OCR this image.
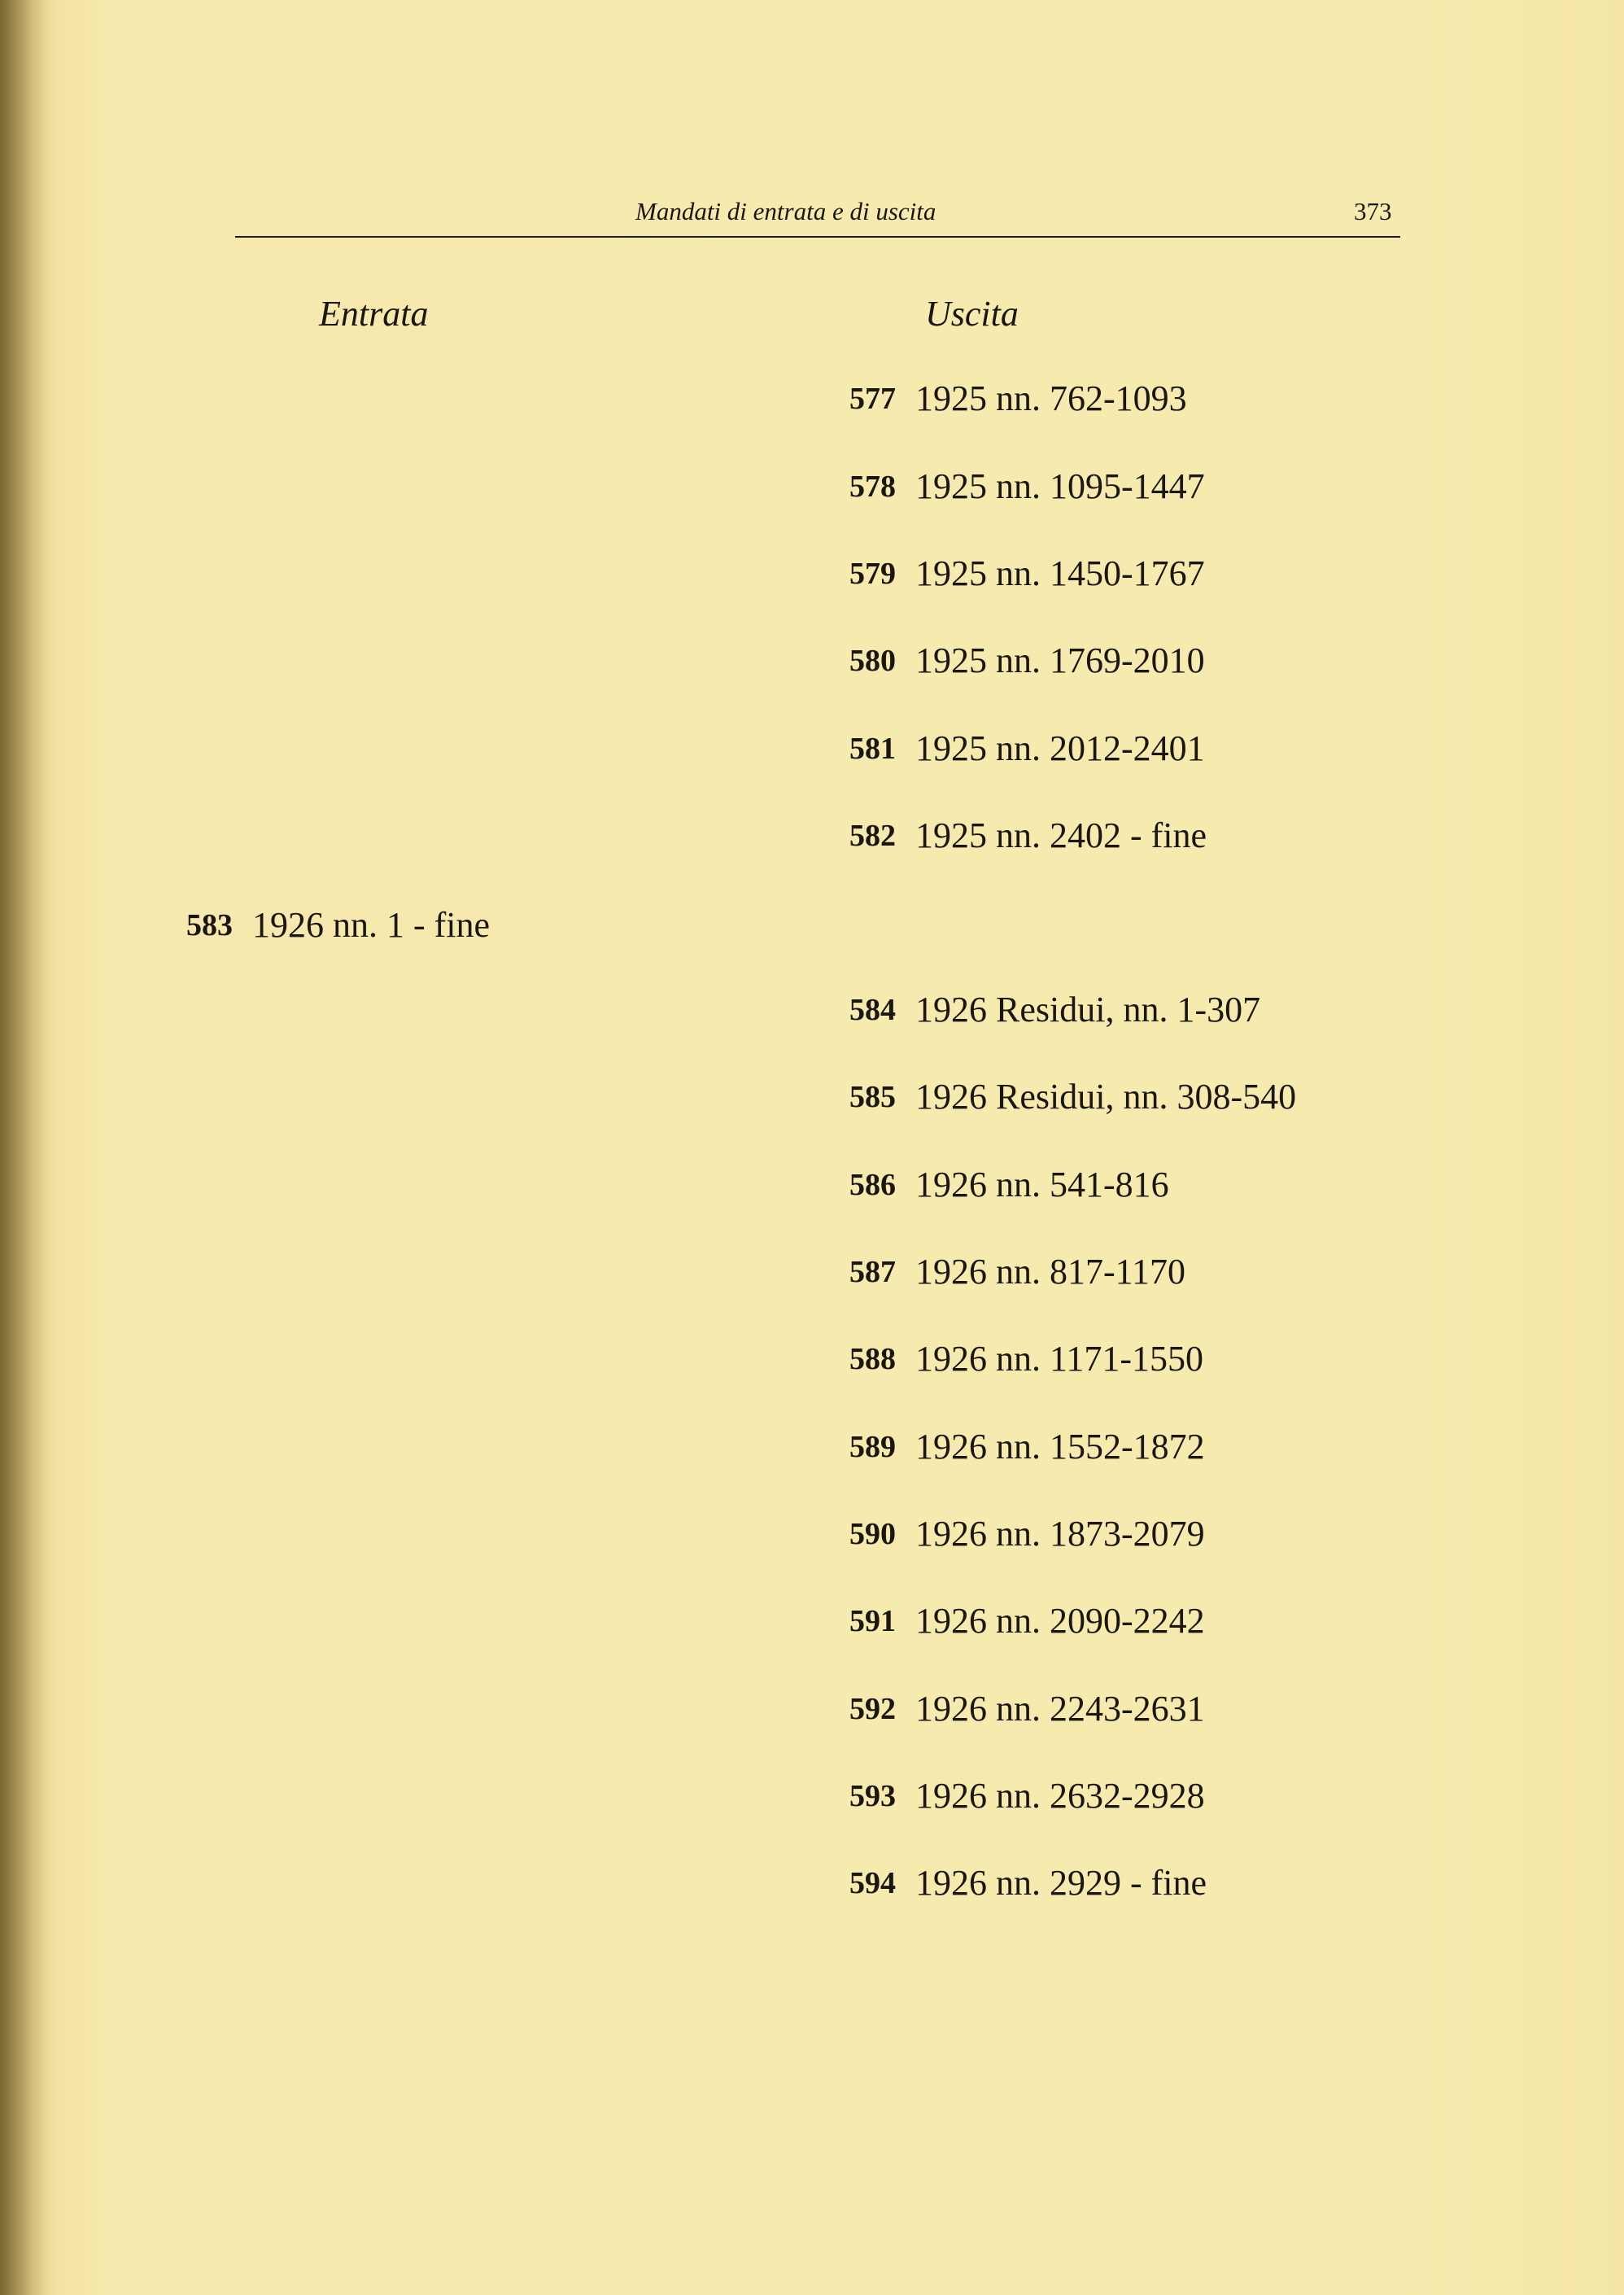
Mandati di entrata e di uscita	373
Entrata	Uscita
583 1926 nn. 1 - fine
577 1925 nn. 762-1093
578 1925 nn. 1095-1447
579 1925 nn. 1450-1767
580 1925 nn. 1769-2010
581 1925 nn. 2012-2401
582 1925 nn. 2402 - fine
584 1926 Residui, nn. 1-307
585 1926 Residui, nn. 308-540
586 1926 nn. 541-816
587 1926 nn. 817-1170
588 1926 nn. 1171-1550
589 1926 nn. 1552-1872
590 1926 nn. 1873-2079
591 1926 nn. 2090-2242
592 1926 nn. 2243-2631
593 1926 nn. 2632-2928
594 1926 nn. 2929 - fine
